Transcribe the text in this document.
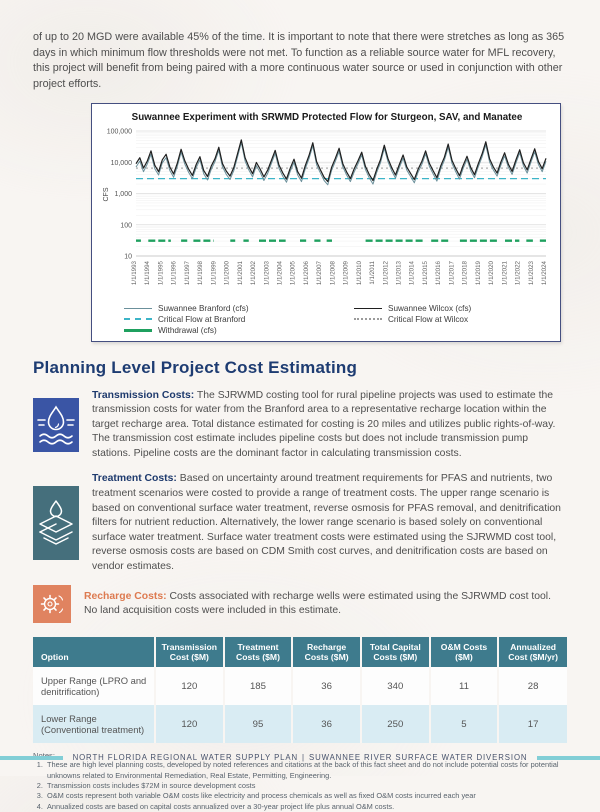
of up to 20 MGD were available 45% of the time. It is important to note that there were stretches as long as 365 days in which minimum flow thresholds were not met. To function as a reliable source water for MFL recovery, this project will benefit from being paired with a more continuous water source or used in conjunction with other project efforts.

Suwannee Experiment with SRWMD Protected Flow for Sturgeon, SAV, and Manatee
100,000
10,000
1,000
100
10
CFS
1/1/1993 1/1/1994 1/1/1995 1/1/1996 1/1/1997 1/1/1998 1/1/1999 1/1/2000 1/1/2001 1/1/2002 1/1/2003 1/1/2004 1/1/2005 1/1/2006 1/1/2007 1/1/2008 1/1/2009 1/1/2010 1/1/2011 1/1/2012 1/1/2013 1/1/2014 1/1/2015 1/1/2016 1/1/2017 1/1/2018 1/1/2019 1/1/2020 1/1/2021 1/1/2022 1/1/2023 1/1/2024
Suwannee Branford (cfs)
Critical Flow at Branford
Withdrawal (cfs)
Suwannee Wilcox (cfs)
Critical Flow at Wilcox
Planning Level Project Cost Estimating

Transmission Costs: The SJRWMD costing tool for rural pipeline projects was used to estimate the transmission costs for water from the Branford area to a representative recharge location within the target recharge area. Total distance estimated for costing is 20 miles and utilizes public rights-of-way. The transmission cost estimate includes pipeline costs but does not include transmission pump stations. Pipeline costs are the dominant factor in calculating transmission costs.

Treatment Costs: Based on uncertainty around treatment requirements for PFAS and nutrients, two treatment scenarios were costed to provide a range of treatment costs. The upper range scenario is based on conventional surface water treatment, reverse osmosis for PFAS removal, and denitrification filters for nutrient reduction. Alternatively, the lower range scenario is based solely on conventional surface water treatment. Surface water treatment costs were estimated using the SJRWMD cost tool, reverse osmosis costs are based on CDM Smith cost curves, and denitrification costs are based on vendor estimates.

Recharge Costs: Costs associated with recharge wells were estimated using the SJRWMD cost tool. No land acquisition costs were included in this estimate.

Option	Transmission Cost ($M)	Treatment Costs ($M)	Recharge Costs ($M)	Total Capital Costs ($M)	O&M Costs ($M)	Annualized Cost ($M/yr)
Upper Range (LPRO and denitrification)	120	185	36	340	11	28
Lower Range (Conventional treatment)	120	95	36	250	5	17
1. These are high level planning costs, developed by noted references and citations at the back of this fact sheet and do not include potential costs for potential unknowns related to Environmental Remediation, Real Estate, Permitting, Engineering.
2. Transmission costs includes $72M in source development costs
3. O&M costs represent both variable O&M costs like electricity and process chemicals as well as fixed O&M costs incurred each year
4. Annualized costs are based on capital costs annualized over a 30-year project life plus annual O&M costs.
NORTH FLORIDA REGIONAL WATER SUPPLY PLAN | SUWANNEE RIVER SURFACE WATER DIVERSION
